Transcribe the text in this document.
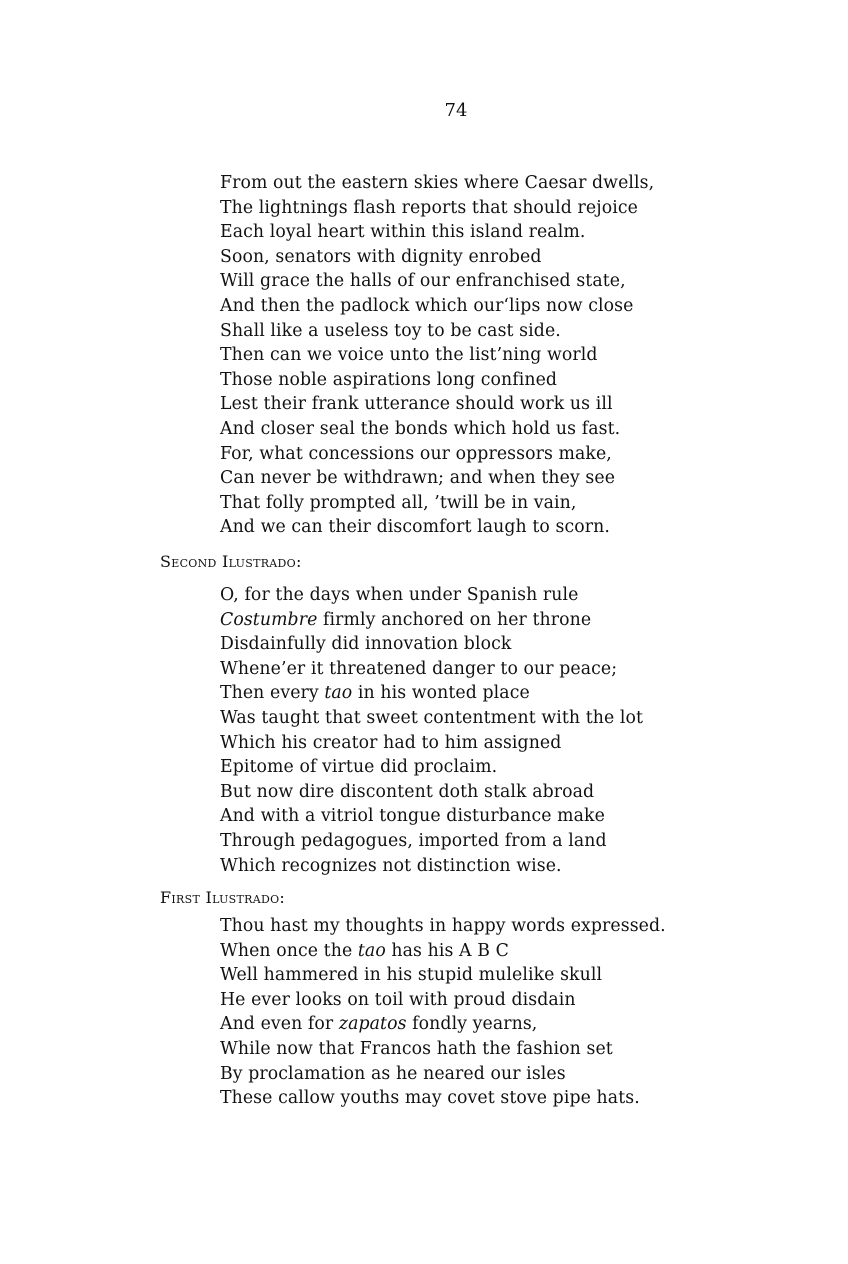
74
From out the eastern skies where Caesar dwells,
The lightnings flash reports that should rejoice
Each loyal heart within this island realm.
Soon, senators with dignity enrobed
Will grace the halls of our enfranchised state,
And then the padlock which our‘lips now close
Shall like a useless toy to be cast side.
Then can we voice unto the list’ning world
Those noble aspirations long confined
Lest their frank utterance should work us ill
And closer seal the bonds which hold us fast.
For, what concessions our oppressors make,
Can never be withdrawn; and when they see
That folly prompted all, ’twill be in vain,
And we can their discomfort laugh to scorn.
Second Ilustrado:
O, for the days when under Spanish rule
Costumbre firmly anchored on her throne
Disdainfully did innovation block
Whene’er it threatened danger to our peace;
Then every tao in his wonted place
Was taught that sweet contentment with the lot
Which his creator had to him assigned
Epitome of virtue did proclaim.
But now dire discontent doth stalk abroad
And with a vitriol tongue disturbance make
Through pedagogues, imported from a land
Which recognizes not distinction wise.
First Ilustrado:
Thou hast my thoughts in happy words expressed.
When once the tao has his A B C
Well hammered in his stupid mulelike skull
He ever looks on toil with proud disdain
And even for zapatos fondly yearns,
While now that Francos hath the fashion set
By proclamation as he neared our isles
These callow youths may covet stove pipe hats.
